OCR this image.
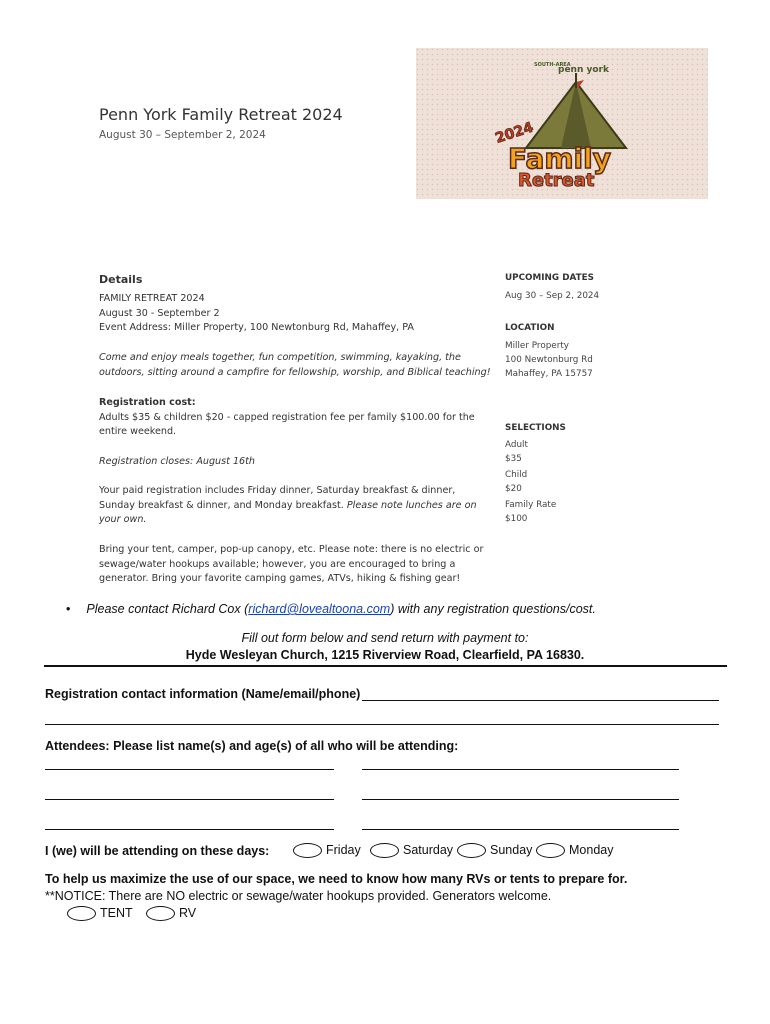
Penn York Family Retreat 2024
August 30 – September 2, 2024
SOUTH-AREA
penn york
2024
Family
Retreat
Details
FAMILY RETREAT 2024
August 30 - September 2
Event Address: Miller Property, 100 Newtonburg Rd, Mahaffey, PA
Come and enjoy meals together, fun competition, swimming, kayaking, the
outdoors, sitting around a campfire for fellowship, worship, and Biblical teaching!
Registration cost:
Adults $35 & children $20 - capped registration fee per family $100.00 for the
entire weekend.
Registration closes: August 16th
Your paid registration includes Friday dinner, Saturday breakfast & dinner,
Sunday breakfast & dinner, and Monday breakfast. Please note lunches are on
your own.
Bring your tent, camper, pop-up canopy, etc. Please note: there is no electric or
sewage/water hookups available; however, you are encouraged to bring a
generator. Bring your favorite camping games, ATVs, hiking & fishing gear!
UPCOMING DATES
Aug 30 – Sep 2, 2024
LOCATION
Miller Property
100 Newtonburg Rd
Mahaffey, PA 15757
SELECTIONS
Adult
$35
Child
$20
Family Rate
$100
• Please contact Richard Cox (richard@lovealtoona.com) with any registration questions/cost.
Fill out form below and send return with payment to:
Hyde Wesleyan Church, 1215 Riverview Road, Clearfield, PA 16830.
Registration contact information (Name/email/phone)
Attendees: Please list name(s) and age(s) of all who will be attending:
I (we) will be attending on these days:	Friday	Saturday	Sunday	Monday
To help us maximize the use of our space, we need to know how many RVs or tents to prepare for.
**NOTICE: There are NO electric or sewage/water hookups provided. Generators welcome.
TENT	RV
